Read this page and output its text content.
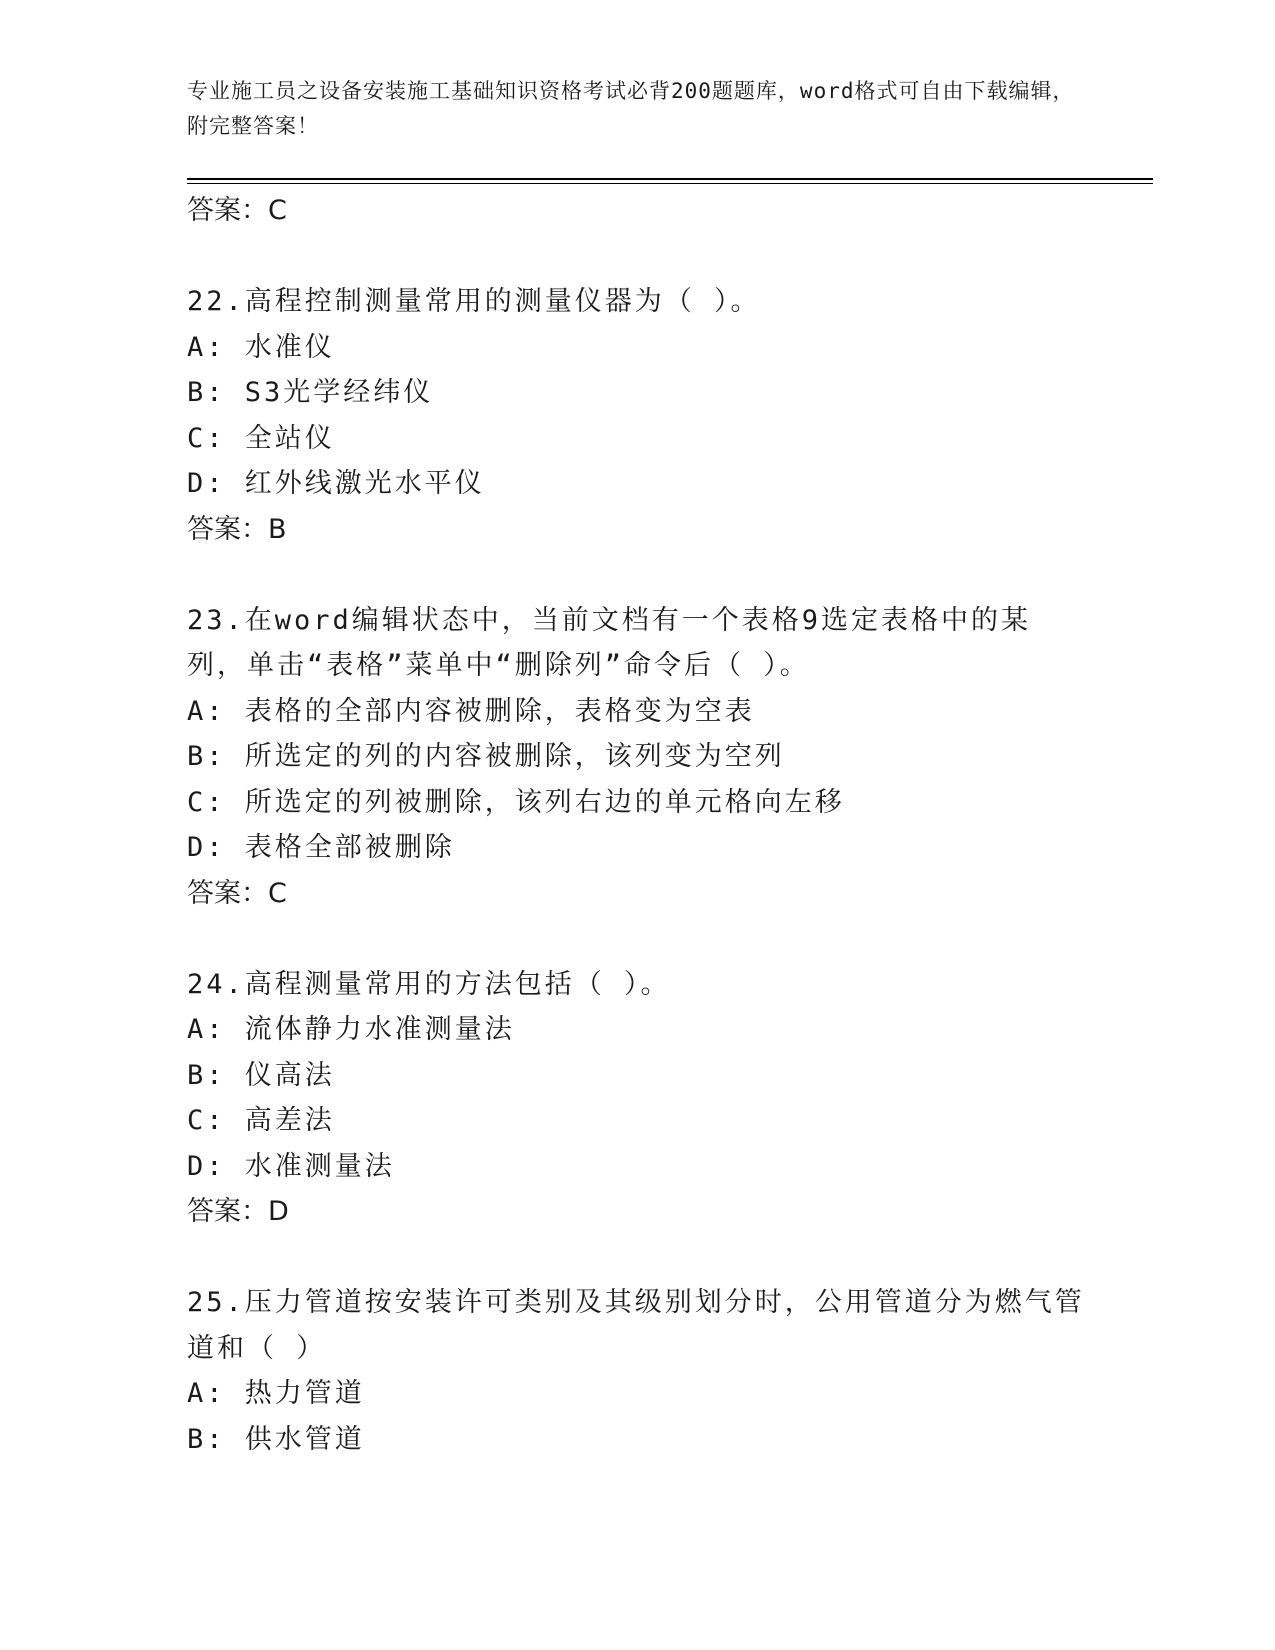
专业施工员之设备安装施工基础知识资格考试必背200题题库，word格式可自由下载编辑，附完整答案！

答案：C

22.高程控制测量常用的测量仪器为（ ）。

A: 水准仪

B: S3光学经纬仪

C: 全站仪

D: 红外线激光水平仪

答案：B

23.在word编辑状态中，当前文档有一个表格9选定表格中的某列，单击“表格”菜单中“删除列”命令后（ ）。

A: 表格的全部内容被删除，表格变为空表

B: 所选定的列的内容被删除，该列变为空列

C: 所选定的列被删除，该列右边的单元格向左移

D: 表格全部被删除

答案：C

24.高程测量常用的方法包括（ ）。

A: 流体静力水准测量法

B: 仪高法

C: 高差法

D: 水准测量法

答案：D

25.压力管道按安装许可类别及其级别划分时，公用管道分为燃气管道和（ ）

A: 热力管道

B: 供水管道
